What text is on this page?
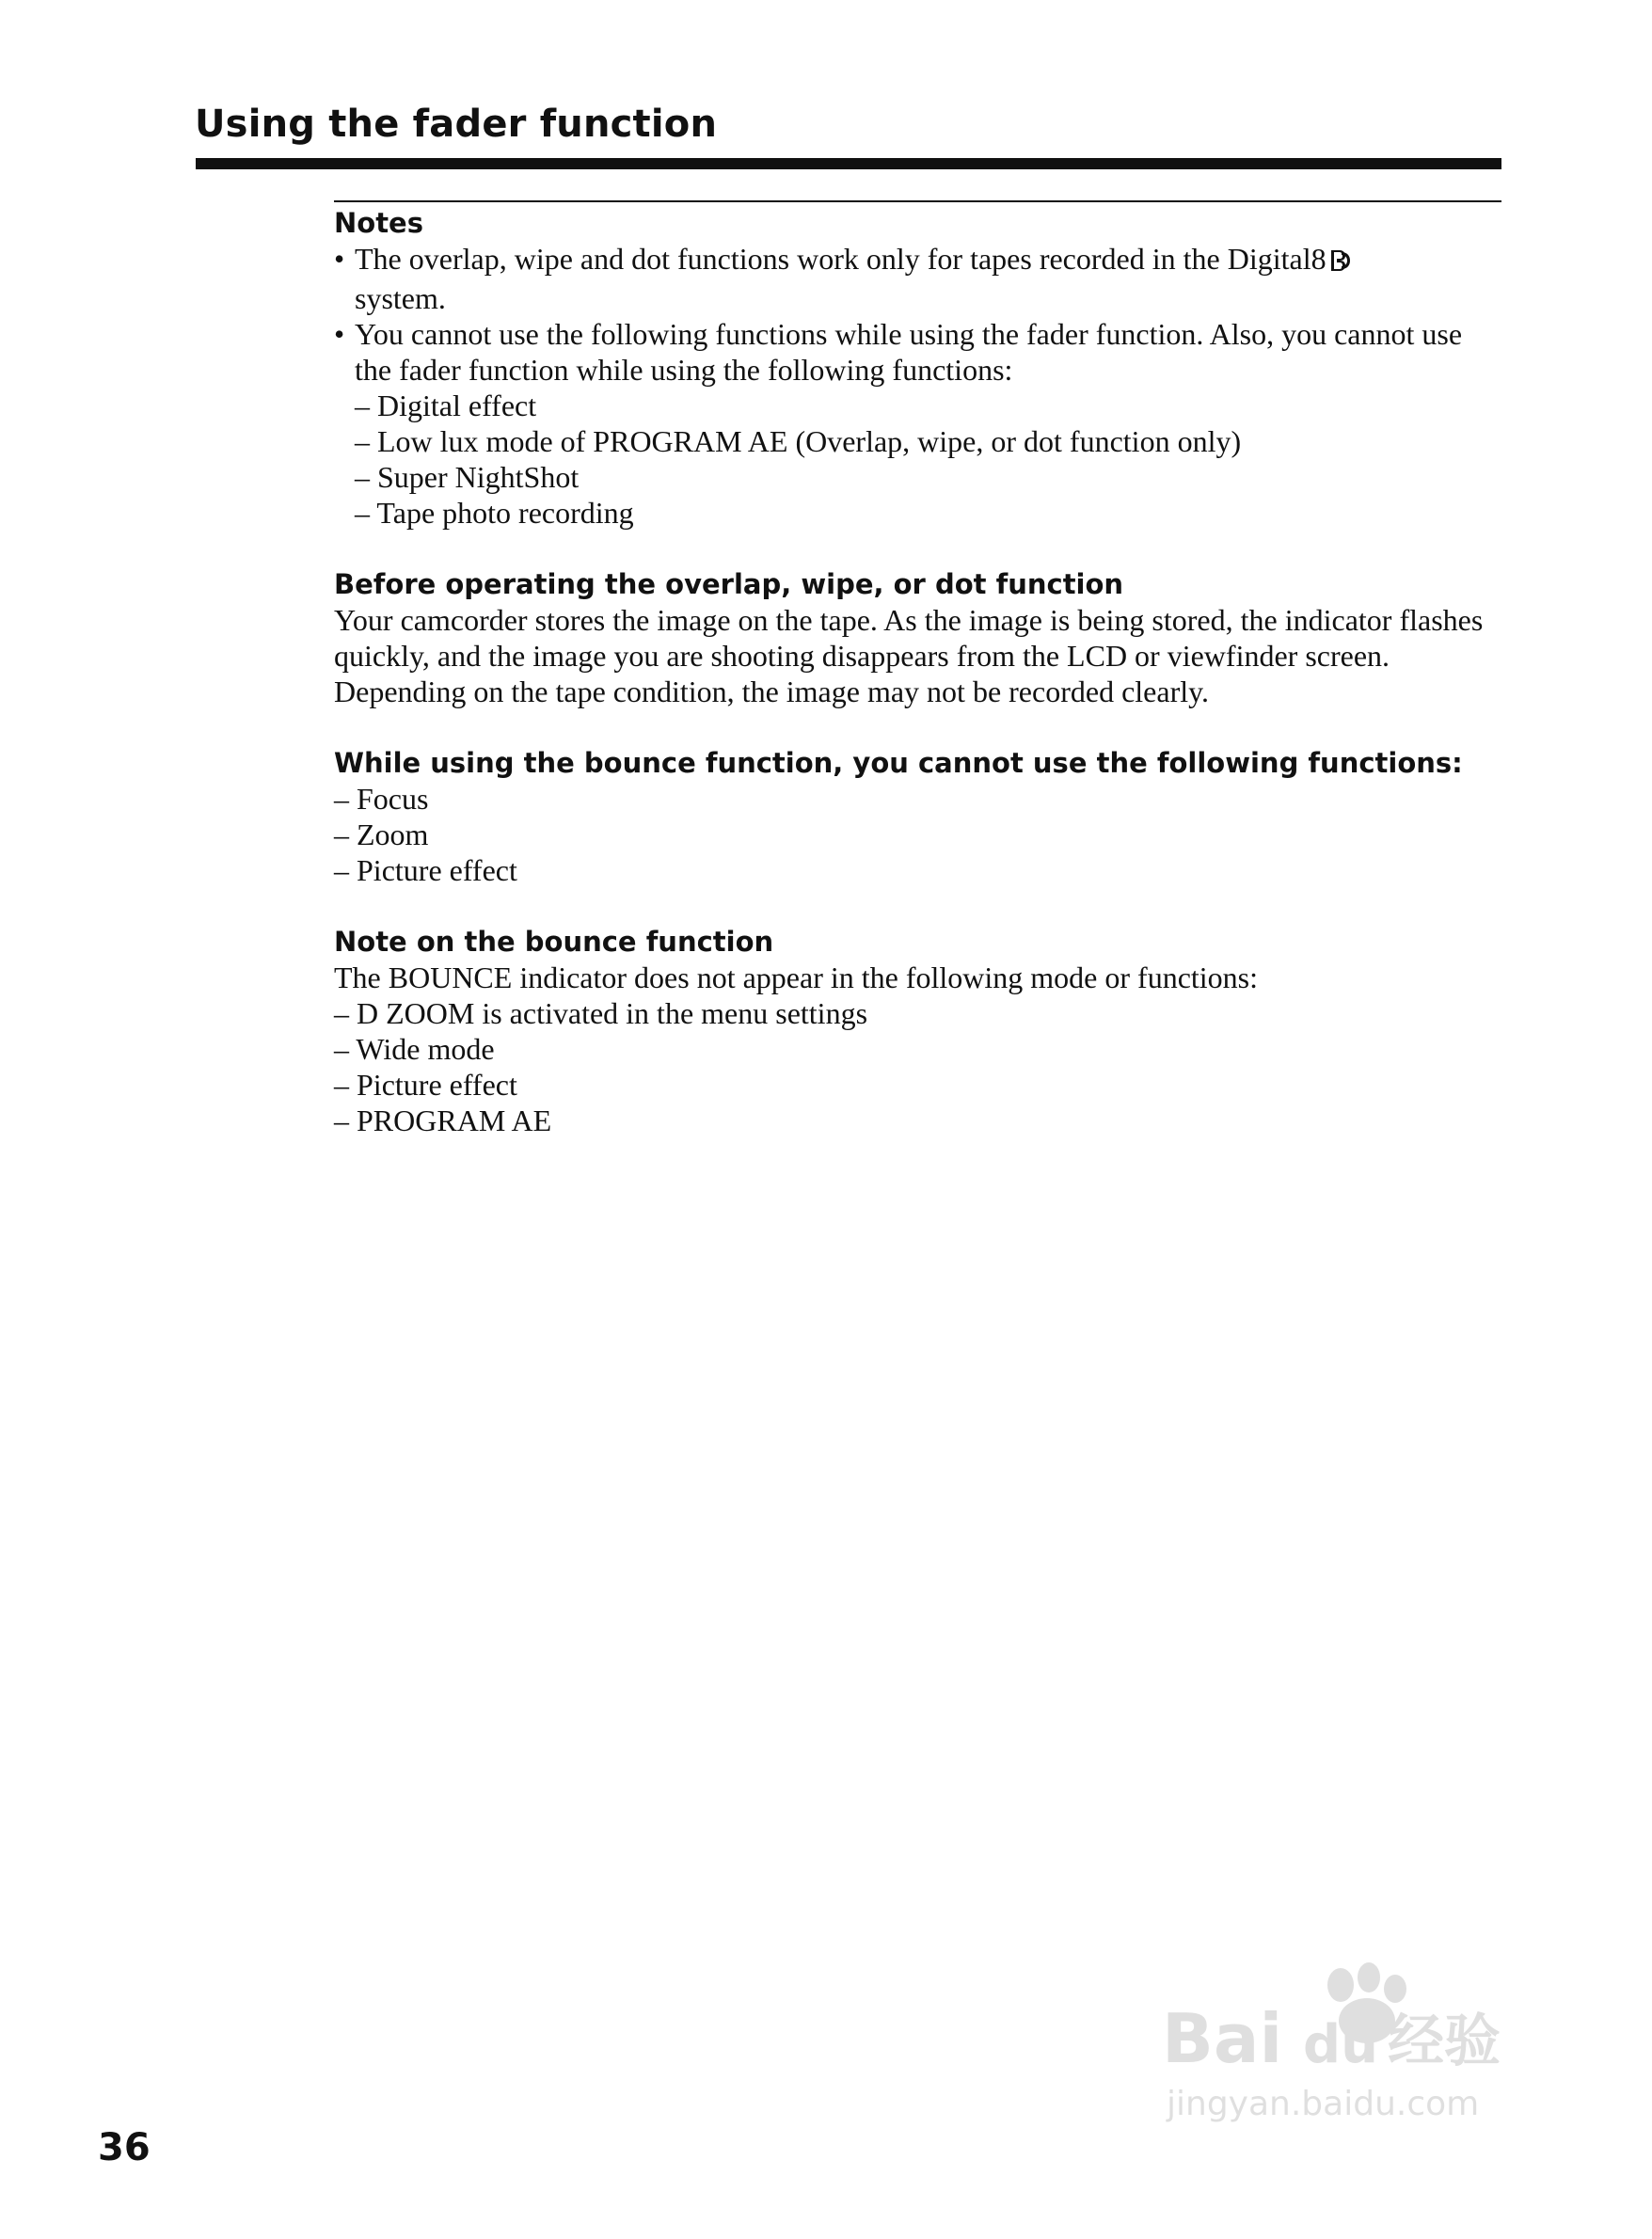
Using the fader function

Notes

• The overlap, wipe and dot functions work only for tapes recorded in the Digital8
system.
• You cannot use the following functions while using the fader function. Also, you cannot use the fader function while using the following functions:
– Digital effect
– Low lux mode of PROGRAM AE (Overlap, wipe, or dot function only)
– Super NightShot
– Tape photo recording

Before operating the overlap, wipe, or dot function

Your camcorder stores the image on the tape. As the image is being stored, the indicator flashes quickly, and the image you are shooting disappears from the LCD or viewfinder screen. Depending on the tape condition, the image may not be recorded clearly.

While using the bounce function, you cannot use the following functions:

– Focus
– Zoom
– Picture effect

Note on the bounce function

The BOUNCE indicator does not appear in the following mode or functions:

– D ZOOM is activated in the menu settings
– Wide mode
– Picture effect
– PROGRAM AE
Bai du 经验
jingyan.baidu.com

36
